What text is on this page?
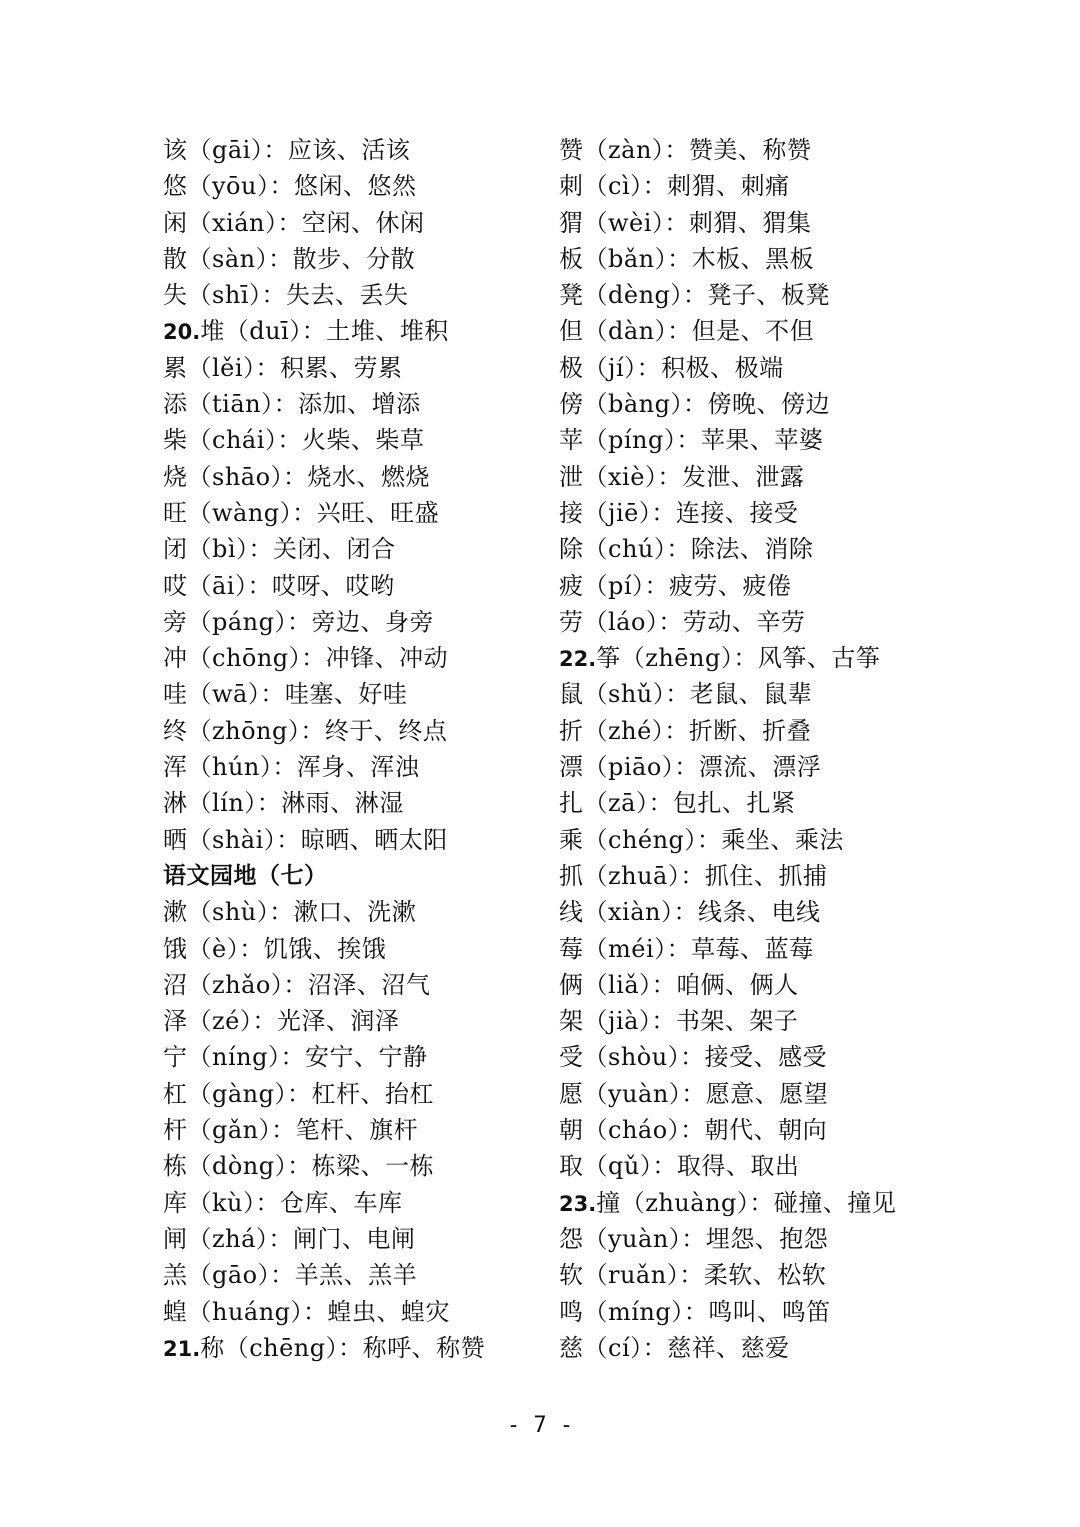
该（gāi）：应该、活该
悠（yōu）：悠闲、悠然
闲（xián）：空闲、休闲
散（sàn）：散步、分散
失（shī）：失去、丢失
20.堆（duī）：土堆、堆积
累（lěi）：积累、劳累
添（tiān）：添加、增添
柴（chái）：火柴、柴草
烧（shāo）：烧水、燃烧
旺（wàng）：兴旺、旺盛
闭（bì）：关闭、闭合
哎（āi）：哎呀、哎哟
旁（páng）：旁边、身旁
冲（chōng）：冲锋、冲动
哇（wā）：哇塞、好哇
终（zhōng）：终于、终点
浑（hún）：浑身、浑浊
淋（lín）：淋雨、淋湿
晒（shài）：晾晒、晒太阳
语文园地（七）
漱（shù）：漱口、洗漱
饿（è）：饥饿、挨饿
沼（zhǎo）：沼泽、沼气
泽（zé）：光泽、润泽
宁（níng）：安宁、宁静
杠（gàng）：杠杆、抬杠
杆（gǎn）：笔杆、旗杆
栋（dòng）：栋梁、一栋
库（kù）：仓库、车库
闸（zhá）：闸门、电闸
羔（gāo）：羊羔、羔羊
蝗（huáng）：蝗虫、蝗灾
21.称（chēng）：称呼、称赞
赞（zàn）：赞美、称赞
刺（cì）：刺猬、刺痛
猬（wèi）：刺猬、猬集
板（bǎn）：木板、黑板
凳（dèng）：凳子、板凳
但（dàn）：但是、不但
极（jí）：积极、极端
傍（bàng）：傍晚、傍边
苹（píng）：苹果、苹婆
泄（xiè）：发泄、泄露
接（jiē）：连接、接受
除（chú）：除法、消除
疲（pí）：疲劳、疲倦
劳（láo）：劳动、辛劳
22.筝（zhēng）：风筝、古筝
鼠（shǔ）：老鼠、鼠辈
折（zhé）：折断、折叠
漂（piāo）：漂流、漂浮
扎（zā）：包扎、扎紧
乘（chéng）：乘坐、乘法
抓（zhuā）：抓住、抓捕
线（xiàn）：线条、电线
莓（méi）：草莓、蓝莓
俩（liǎ）：咱俩、俩人
架（jià）：书架、架子
受（shòu）：接受、感受
愿（yuàn）：愿意、愿望
朝（cháo）：朝代、朝向
取（qǔ）：取得、取出
23.撞（zhuàng）：碰撞、撞见
怨（yuàn）：埋怨、抱怨
软（ruǎn）：柔软、松软
鸣（míng）：鸣叫、鸣笛
慈（cí）：慈祥、慈爱
- 7 -
